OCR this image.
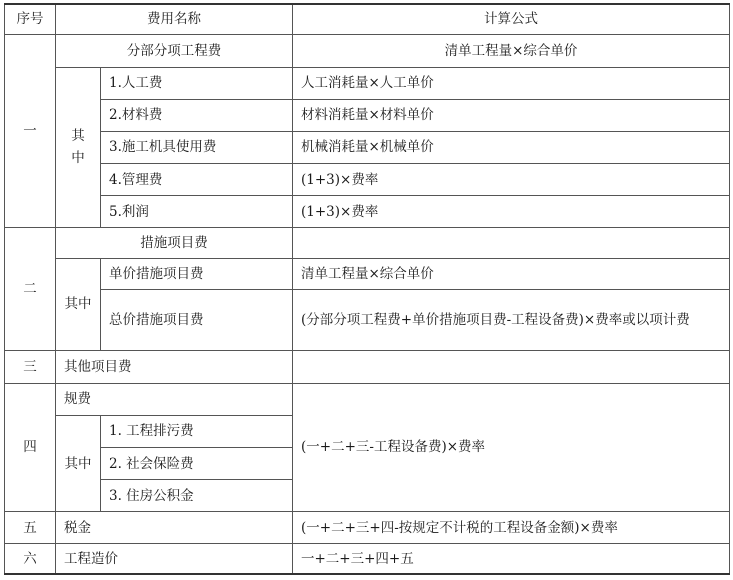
序号	费用名称		计算公式
一	分部分项工程费		清单工程量×综合单价
	其中	1.人工费	人工消耗量×人工单价
		2.材料费	材料消耗量×材料单价
		3.施工机具使用费	机械消耗量×机械单价
		4.管理费	(1+3)×费率
		5.利润	(1+3)×费率
二	措施项目费		
	其中	单价措施项目费	清单工程量×综合单价
		总价措施项目费	(分部分项工程费+单价措施项目费-工程设备费)×费率或以项计费
三	其他项目费		
四	规费		(一+二+三-工程设备费)×费率
	其中	1. 工程排污费	
		2. 社会保险费	
		3. 住房公积金	
五	税金		(一+二+三+四-按规定不计税的工程设备金额)×费率
六	工程造价		一+二+三+四+五
